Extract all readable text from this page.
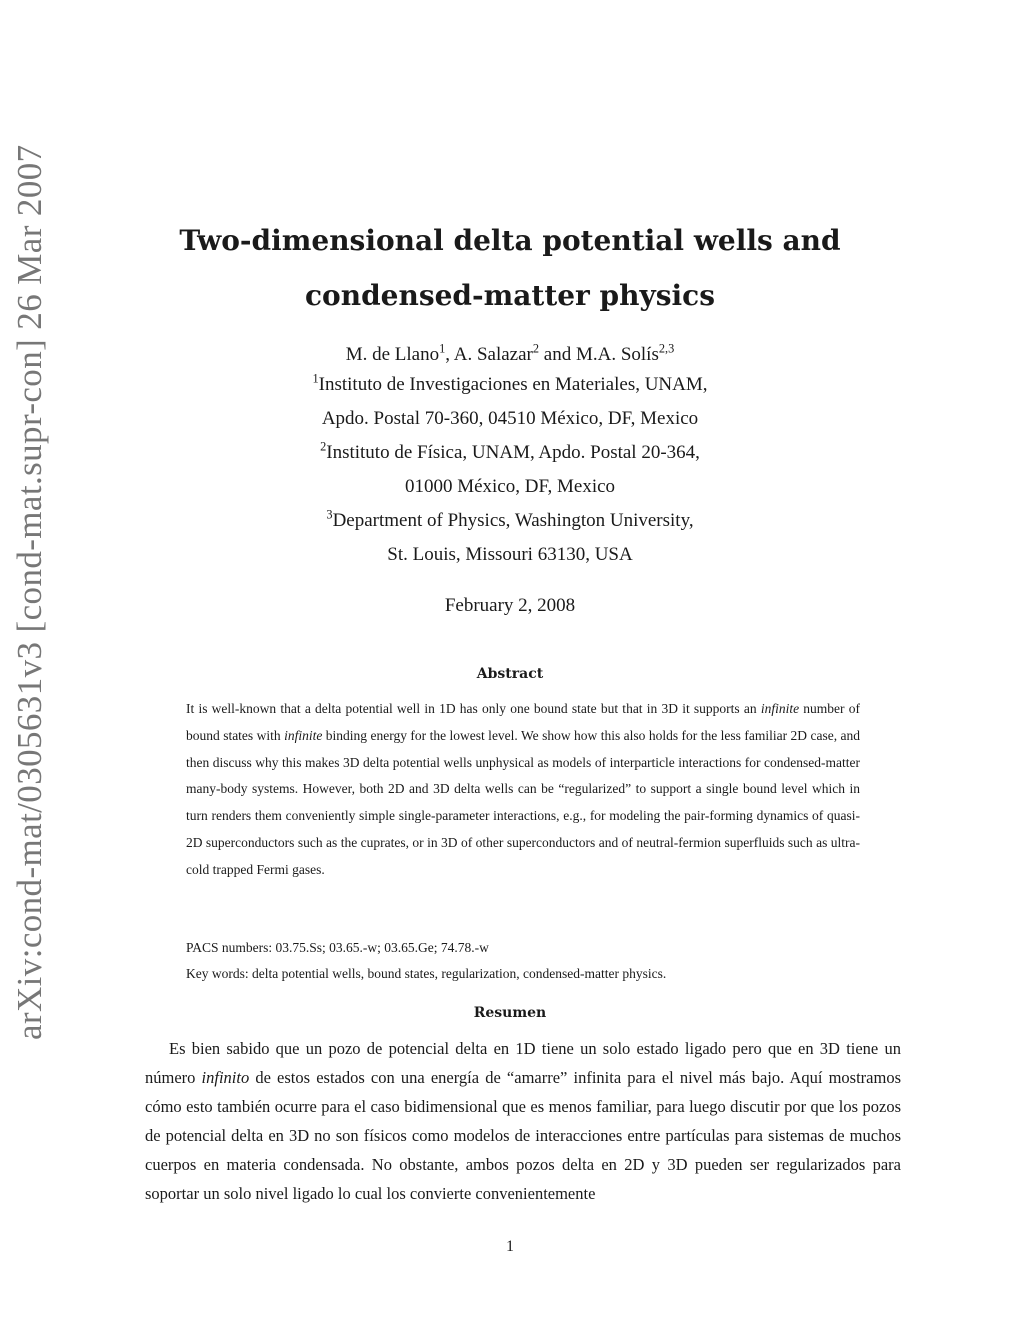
arXiv:cond-mat/0305631v3 [cond-mat.supr-con] 26 Mar 2007	Two-dimensional delta potential wells and
condensed-matter physics
M. de Llano$^1$, A. Salazar$^2$ and M.A. Solís$^{2,3}$
$^1$Instituto de Investigaciones en Materiales, UNAM,
Apdo. Postal 70-360, 04510 México, DF, Mexico
$^2$Instituto de Física, UNAM, Apdo. Postal 20-364,
01000 México, DF, Mexico
$^3$Department of Physics, Washington University,
St. Louis, Missouri 63130, USA
February 2, 2008
Abstract

It is well-known that a delta potential well in 1D has only one bound state but that in 3D it supports an infinite number of bound states with infinite binding energy for the lowest level. We show how this also holds for the less familiar 2D case, and then discuss why this makes 3D delta potential wells unphysical as models of interparticle interactions for condensed-matter many-body systems. However, both 2D and 3D delta wells can be “regularized” to support a single bound level which in turn renders them conveniently simple single-parameter interactions, e.g., for modeling the pair-forming dynamics of quasi-2D superconductors such as the cuprates, or in 3D of other superconductors and of neutral-fermion superfluids such as ultra-cold trapped Fermi gases.

PACS numbers: 03.75.Ss; 03.65.-w; 03.65.Ge; 74.78.-w
Key words: delta potential wells, bound states, regularization, condensed-matter physics.
Resumen

Es bien sabido que un pozo de potencial delta en 1D tiene un solo estado ligado pero que en 3D tiene un número infinito de estos estados con una energía de “amarre” infinita para el nivel más bajo. Aquí mostramos cómo esto también ocurre para el caso bidimensional que es menos familiar, para luego discutir por que los pozos de potencial delta en 3D no son físicos como modelos de interacciones entre partículas para sistemas de muchos cuerpos en materia condensada. No obstante, ambos pozos delta en 2D y 3D pueden ser regularizados para soportar un solo nivel ligado lo cual los convierte convenientemente

1
